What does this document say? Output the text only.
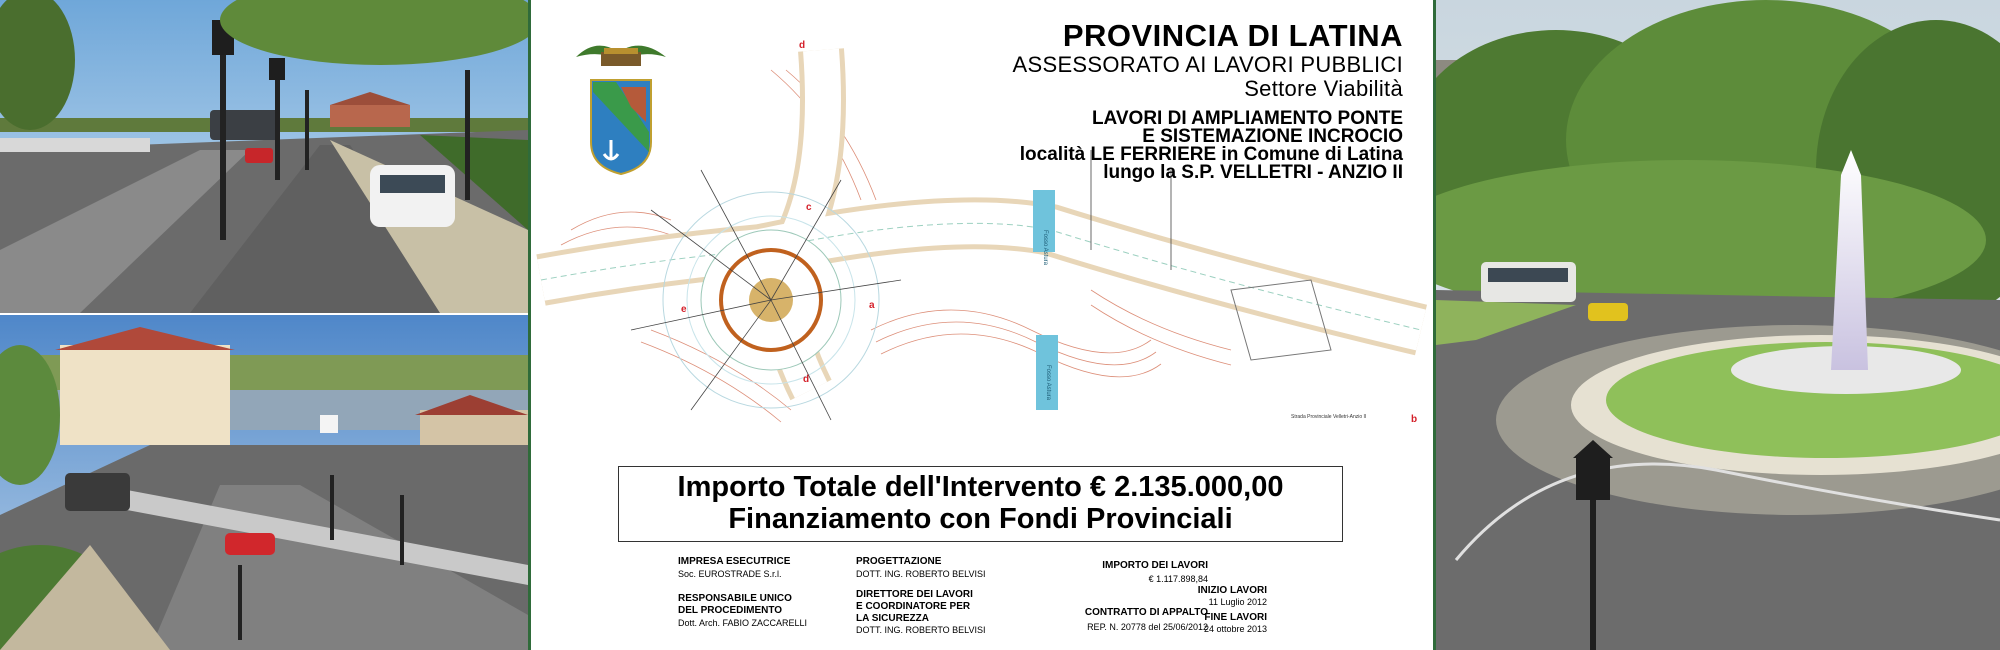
PROVINCIA DI LATINA
ASSESSORATO AI LAVORI PUBBLICI
Settore Viabilità
LAVORI DI AMPLIAMENTO PONTE
E SISTEMAZIONE INCROCIO
località LE FERRIERE in Comune di Latina
lungo la S.P. VELLETRI - ANZIO II
Fosso Astura
Fosso Astura
d
c
e	a
b
d
Strada Provinciale Velletri-Anzio II
Importo Totale dell'Intervento € 2.135.000,00
Finanziamento con Fondi Provinciali
IMPRESA ESECUTRICE
Soc. EUROSTRADE S.r.l.
RESPONSABILE UNICO
DEL PROCEDIMENTO
Dott. Arch. FABIO ZACCARELLI
PROGETTAZIONE
DOTT. ING. ROBERTO BELVISI
DIRETTORE DEI LAVORI
E COORDINATORE PER
LA SICUREZZA
DOTT. ING. ROBERTO BELVISI
IMPORTO DEI LAVORI
€ 1.117.898,84
CONTRATTO DI APPALTO
REP. N. 20778 del 25/06/2012
INIZIO LAVORI
11 Luglio 2012
FINE LAVORI
24 ottobre 2013
